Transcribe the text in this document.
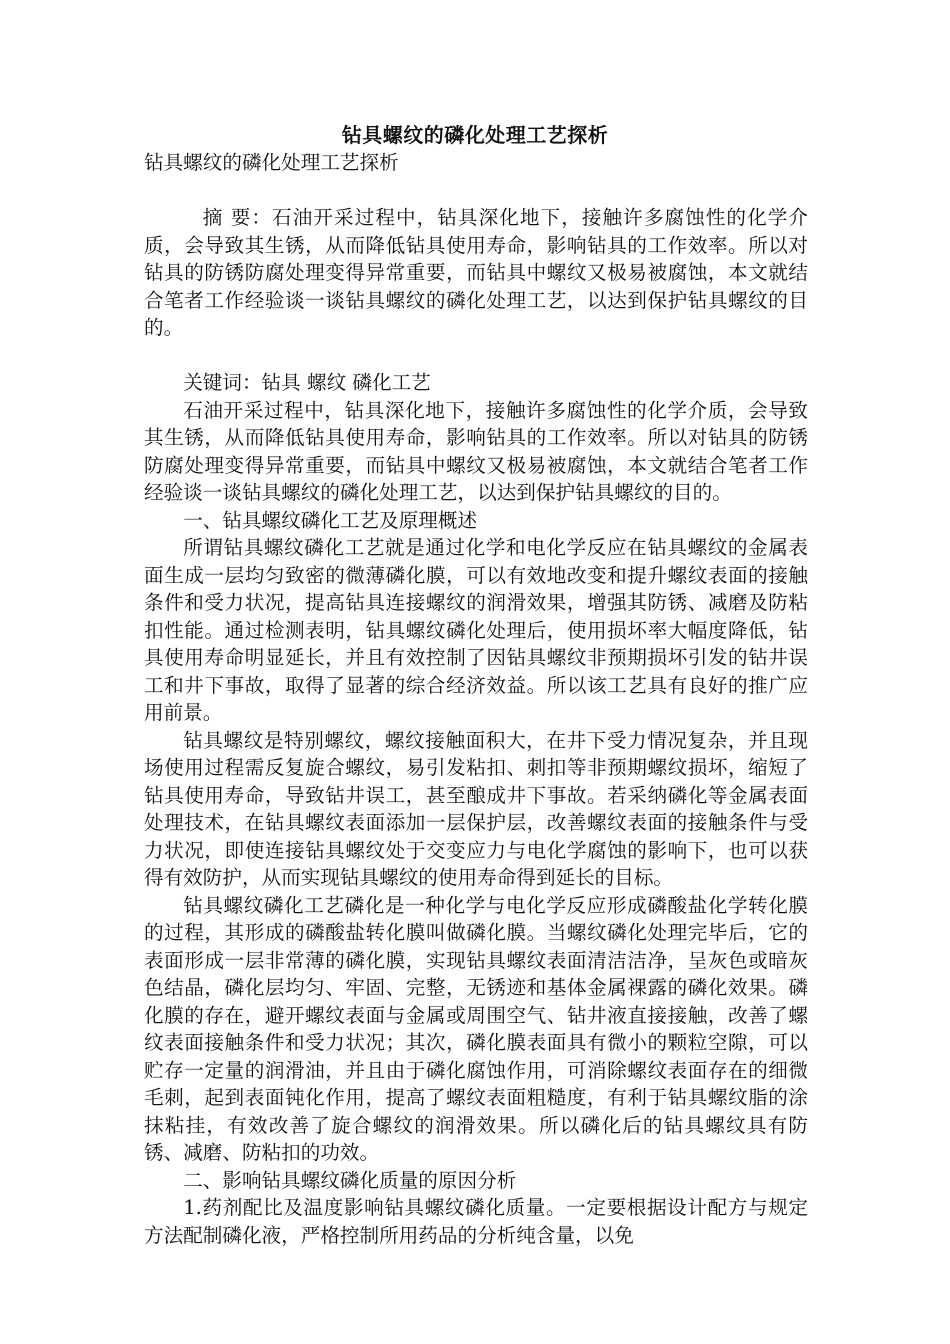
钻具螺纹的磷化处理工艺探析

钻具螺纹的磷化处理工艺探析

摘 要：石油开采过程中，钻具深化地下，接触许多腐蚀性的化学介质，会导致其生锈，从而降低钻具使用寿命，影响钻具的工作效率。所以对钻具的防锈防腐处理变得异常重要，而钻具中螺纹又极易被腐蚀，本文就结合笔者工作经验谈一谈钻具螺纹的磷化处理工艺，以达到保护钻具螺纹的目的。

关键词：钻具 螺纹 磷化工艺

石油开采过程中，钻具深化地下，接触许多腐蚀性的化学介质，会导致其生锈，从而降低钻具使用寿命，影响钻具的工作效率。所以对钻具的防锈防腐处理变得异常重要，而钻具中螺纹又极易被腐蚀，本文就结合笔者工作经验谈一谈钻具螺纹的磷化处理工艺，以达到保护钻具螺纹的目的。

一、钻具螺纹磷化工艺及原理概述

所谓钻具螺纹磷化工艺就是通过化学和电化学反应在钻具螺纹的金属表面生成一层均匀致密的微薄磷化膜，可以有效地改变和提升螺纹表面的接触条件和受力状况，提高钻具连接螺纹的润滑效果，增强其防锈、减磨及防粘扣性能。通过检测表明，钻具螺纹磷化处理后，使用损坏率大幅度降低，钻具使用寿命明显延长，并且有效控制了因钻具螺纹非预期损坏引发的钻井误工和井下事故，取得了显著的综合经济效益。所以该工艺具有良好的推广应用前景。

钻具螺纹是特别螺纹，螺纹接触面积大，在井下受力情况复杂，并且现场使用过程需反复旋合螺纹，易引发粘扣、刺扣等非预期螺纹损坏，缩短了钻具使用寿命，导致钻井误工，甚至酿成井下事故。若采纳磷化等金属表面处理技术，在钻具螺纹表面添加一层保护层，改善螺纹表面的接触条件与受力状况，即使连接钻具螺纹处于交变应力与电化学腐蚀的影响下，也可以获得有效防护，从而实现钻具螺纹的使用寿命得到延长的目标。

钻具螺纹磷化工艺磷化是一种化学与电化学反应形成磷酸盐化学转化膜的过程，其形成的磷酸盐转化膜叫做磷化膜。当螺纹磷化处理完毕后，它的表面形成一层非常薄的磷化膜，实现钻具螺纹表面清洁洁净，呈灰色或暗灰色结晶，磷化层均匀、牢固、完整，无锈迹和基体金属裸露的磷化效果。磷化膜的存在，避开螺纹表面与金属或周围空气、钻井液直接接触，改善了螺纹表面接触条件和受力状况；其次，磷化膜表面具有微小的颗粒空隙，可以贮存一定量的润滑油，并且由于磷化腐蚀作用，可消除螺纹表面存在的细微毛刺，起到表面钝化作用，提高了螺纹表面粗糙度，有利于钻具螺纹脂的涂抹粘挂，有效改善了旋合螺纹的润滑效果。所以磷化后的钻具螺纹具有防锈、减磨、防粘扣的功效。

二、影响钻具螺纹磷化质量的原因分析

1.药剂配比及温度影响钻具螺纹磷化质量。一定要根据设计配方与规定方法配制磷化液，严格控制所用药品的分析纯含量，以免
